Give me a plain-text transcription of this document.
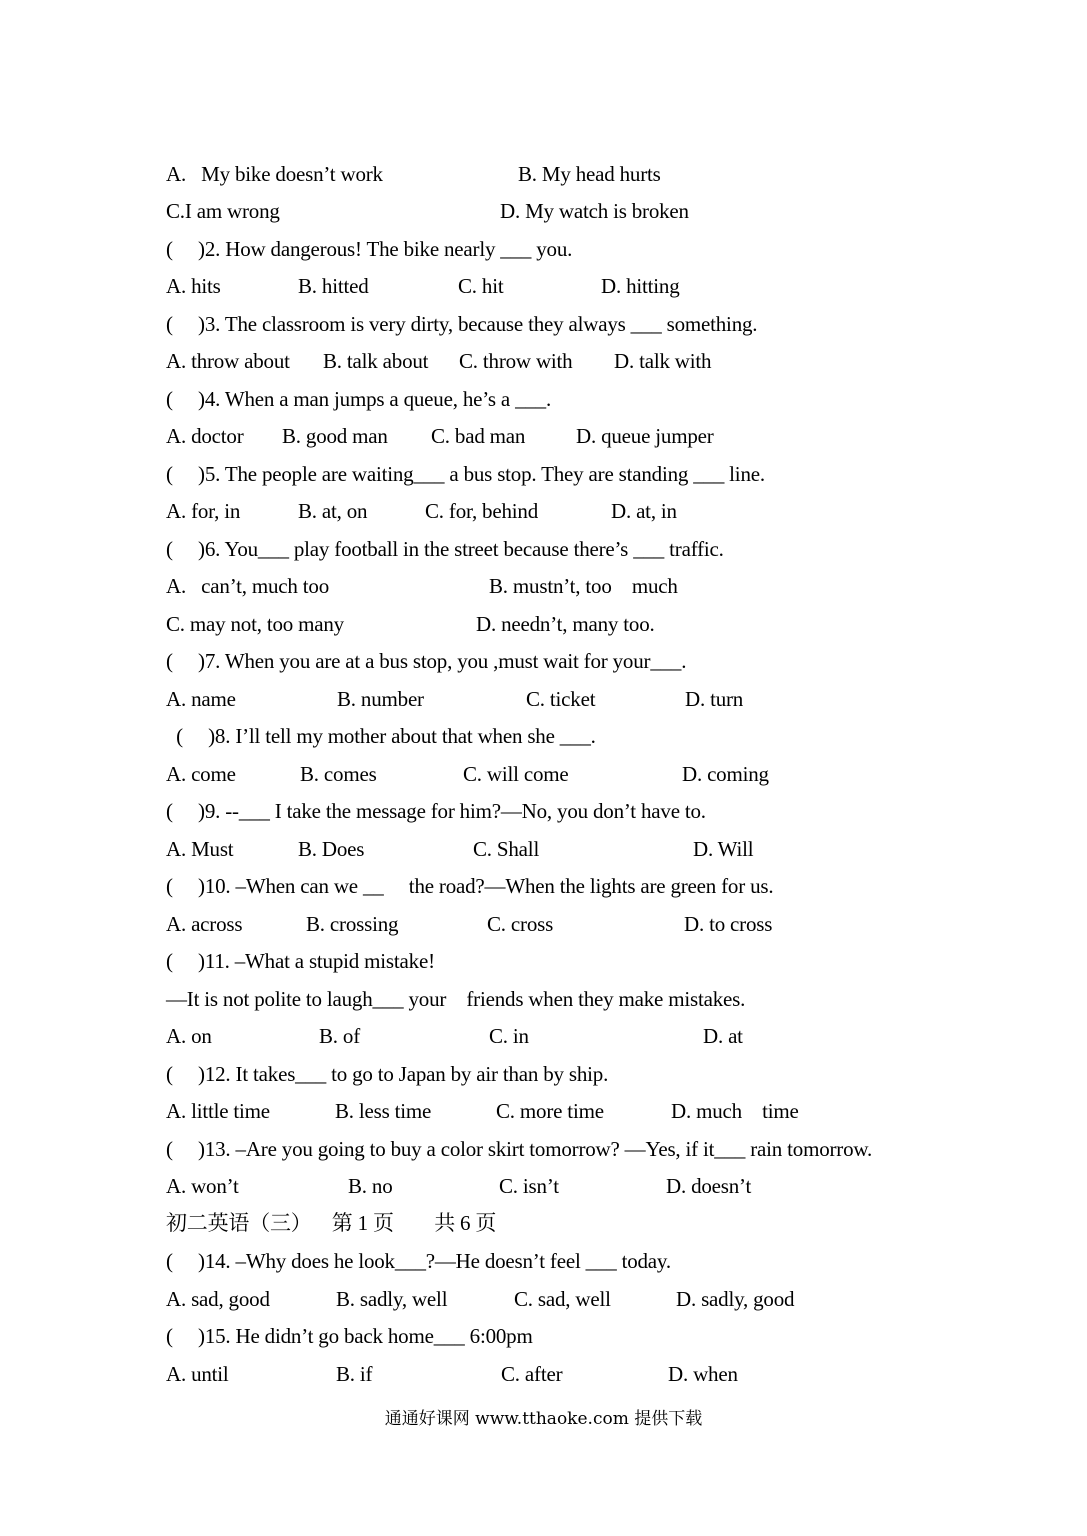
A.   My bike doesn’t work	B. My head hurts
C.I am wrong	D. My watch is broken
(     )2. How dangerous! The bike nearly ___ you.
A. hits	B. hitted	C. hit	D. hitting
(     )3. The classroom is very dirty, because they always ___ something.
A. throw about B. talk about C. throw with D. talk with
(     )4. When a man jumps a queue, he’s a ___.
A. doctor B. good man C. bad man D. queue jumper
(     )5. The people are waiting___ a bus stop. They are standing ___ line.
A. for, in	B. at, on	C. for, behind	D. at, in
(     )6. You___ play football in the street because there’s ___ traffic.
A.   can’t, much too	B. mustn’t, too    much
C. may not, too many	D. needn’t, many too.
(     )7. When you are at a bus stop, you ,must wait for your___.
A. name	B. number	C. ticket	D. turn
(     )8. I’ll tell my mother about that when she ___.
A. come	B. comes	C. will come	D. coming
(     )9. --___ I take the message for him?—No, you don’t have to.
A. Must	B. Does	C. Shall	D. Will
(     )10. –When can we __     the road?—When the lights are green for us.
A. across	B. crossing	C. cross	D. to cross
(     )11. –What a stupid mistake!
—It is not polite to laugh___ your    friends when they make mistakes.
A. on	B. of	C. in	D. at
(     )12. It takes___ to go to Japan by air than by ship.
A. little time	B. less time	C. more time	D. much    time
(     )13. –Are you going to buy a color skirt tomorrow? —Yes, if it___ rain tomorrow.
A. won’t	B. no	C. isn’t	D. doesn’t
初二英语（三）    第 1 页        共 6 页
(     )14. –Why does he look___?—He doesn’t feel ___ today.
A. sad, good	B. sadly, well	C. sad, well	D. sadly, good
(     )15. He didn’t go back home___ 6:00pm
A. until	B. if	C. after	D. when
通通好课网 www.tthaoke.com 提供下载
